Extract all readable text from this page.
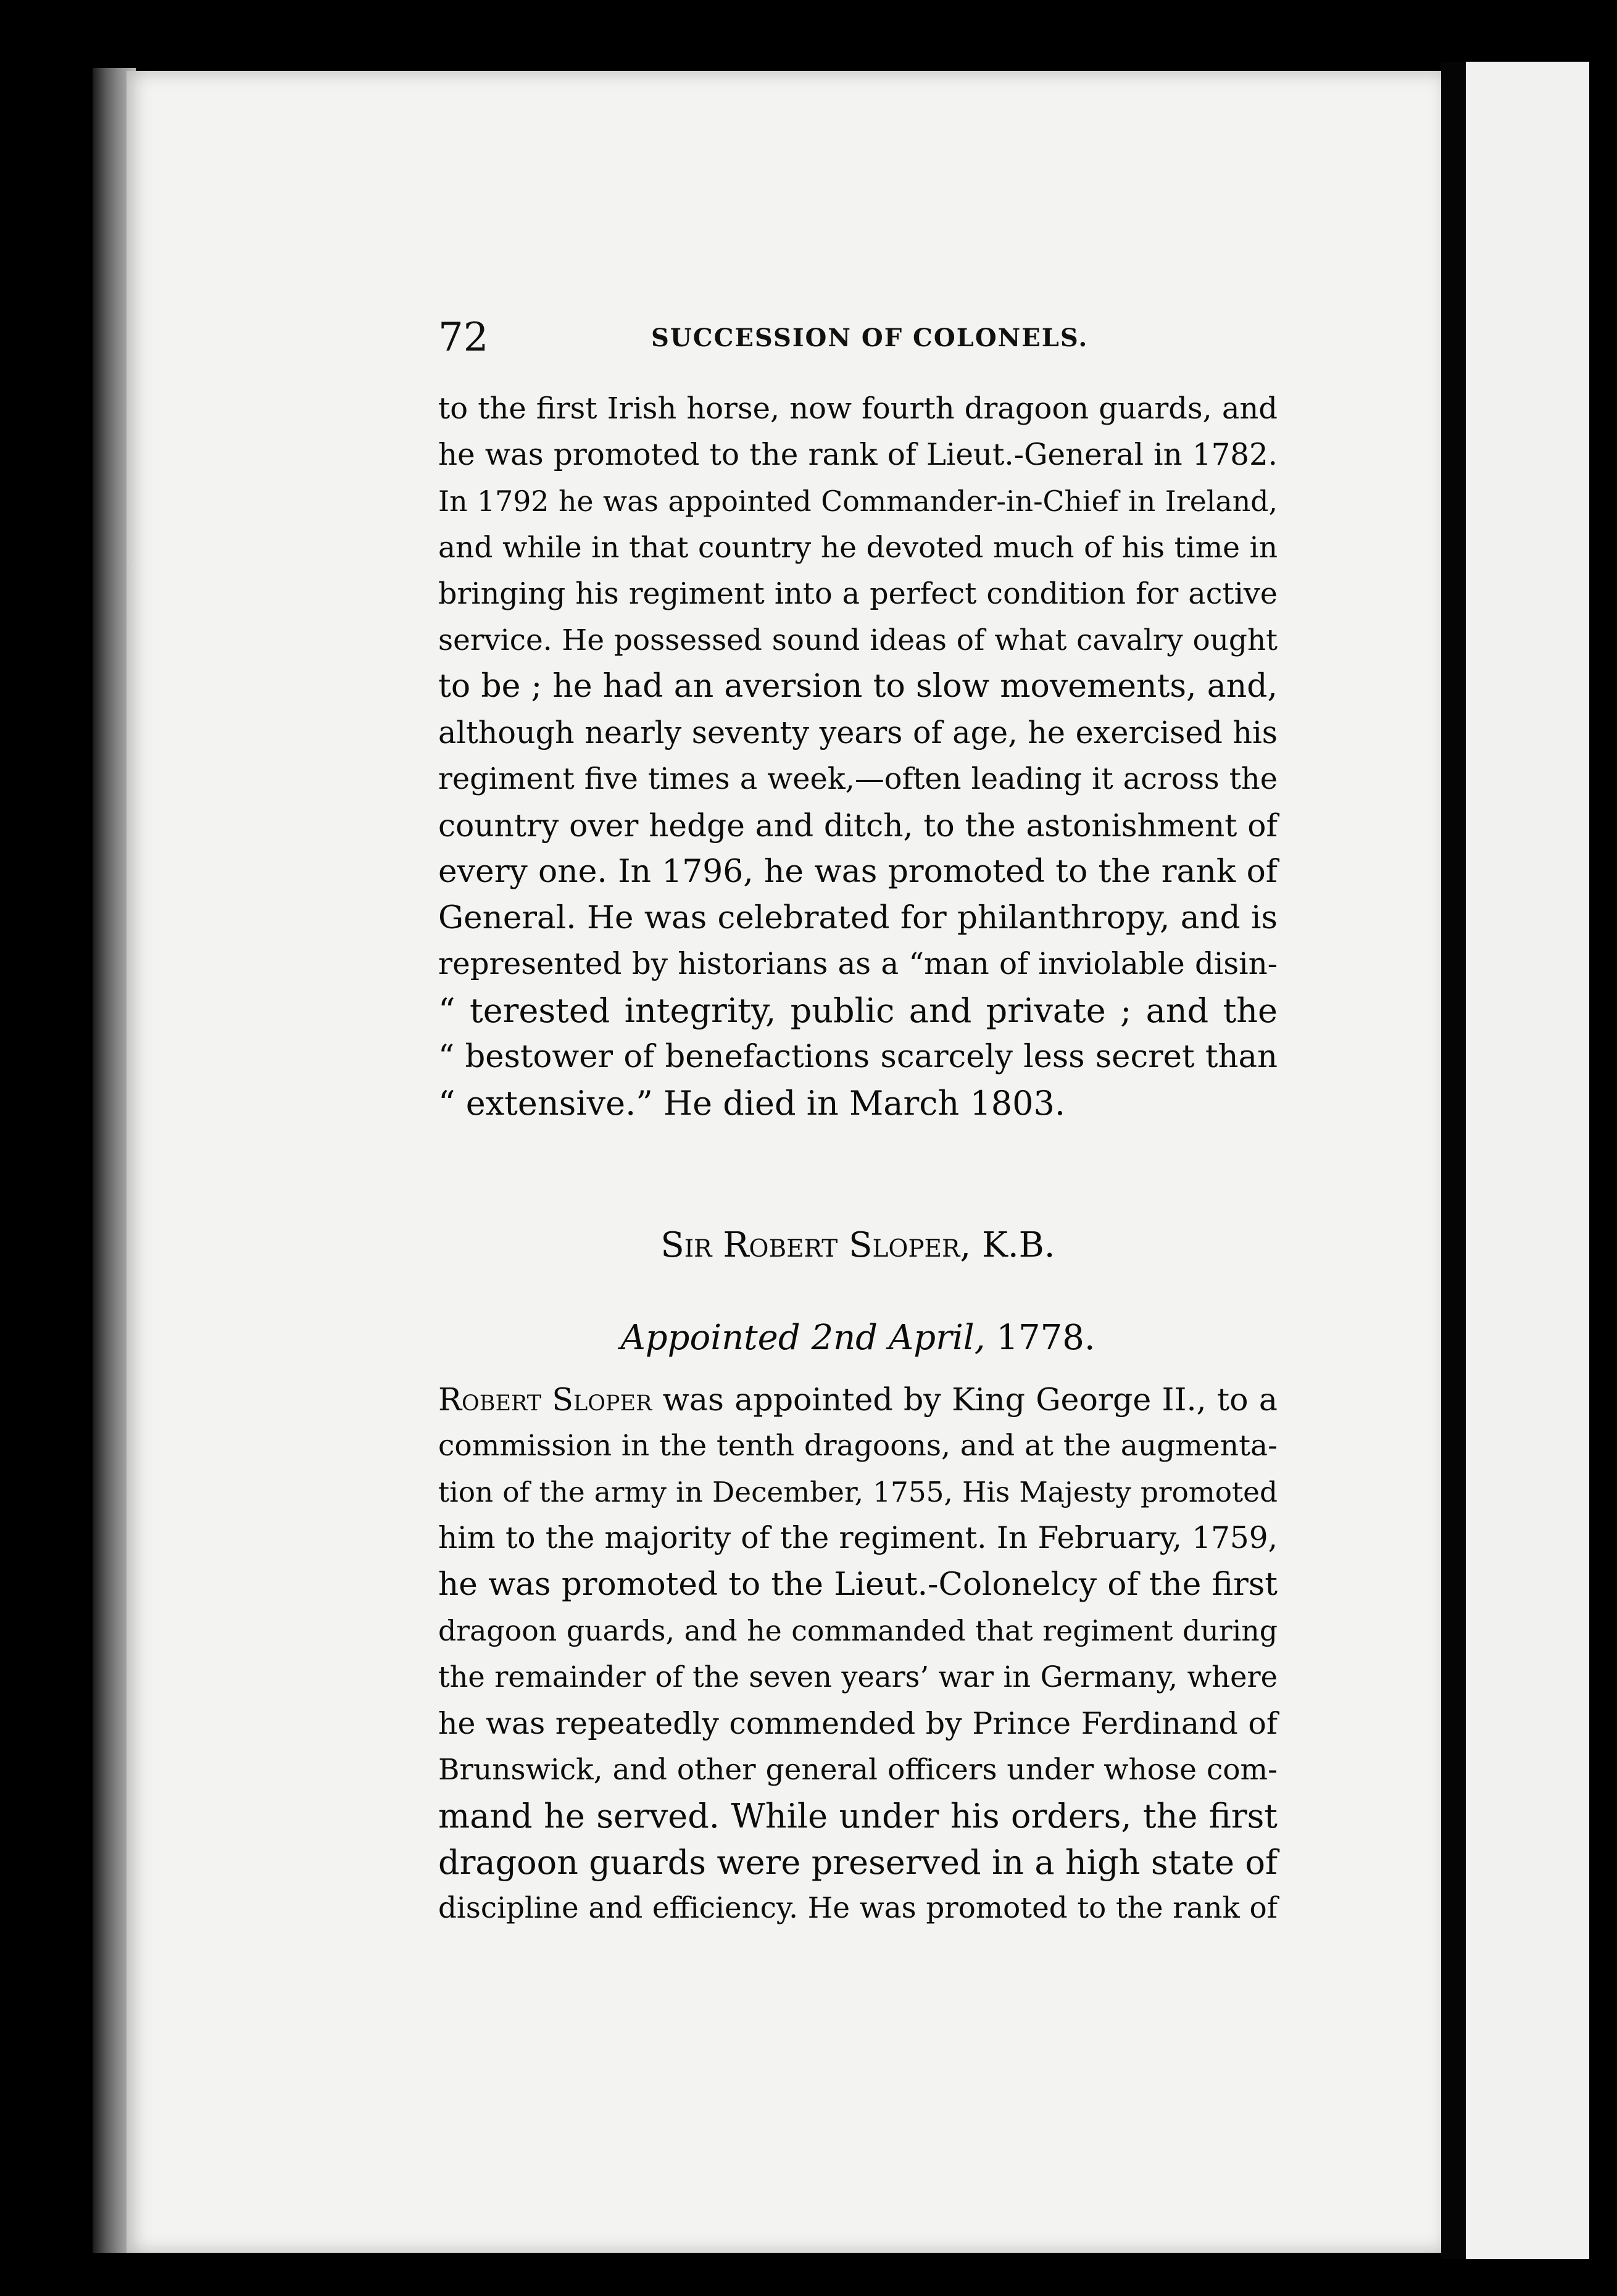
72	SUCCESSION OF COLONELS.
to the first Irish horse, now fourth dragoon guards, and
he was promoted to the rank of Lieut.-General in 1782.
In 1792 he was appointed Commander-in-Chief in Ireland,
and while in that country he devoted much of his time in
bringing his regiment into a perfect condition for active
service. He possessed sound ideas of what cavalry ought
to be ; he had an aversion to slow movements, and,
although nearly seventy years of age, he exercised his
regiment five times a week,—often leading it across the
country over hedge and ditch, to the astonishment of
every one. In 1796, he was promoted to the rank of
General. He was celebrated for philanthropy, and is
represented by historians as a “man of inviolable disin-
“ terested integrity, public and private ; and the
“ bestower of benefactions scarcely less secret than
“ extensive.” He died in March 1803.
Sir Robert Sloper, K.B.
Appointed 2nd April, 1778.
Robert Sloper was appointed by King George II., to a
commission in the tenth dragoons, and at the augmenta-
tion of the army in December, 1755, His Majesty promoted
him to the majority of the regiment. In February, 1759,
he was promoted to the Lieut.-Colonelcy of the first
dragoon guards, and he commanded that regiment during
the remainder of the seven years’ war in Germany, where
he was repeatedly commended by Prince Ferdinand of
Brunswick, and other general officers under whose com-
mand he served. While under his orders, the first
dragoon guards were preserved in a high state of
discipline and efficiency. He was promoted to the rank of
